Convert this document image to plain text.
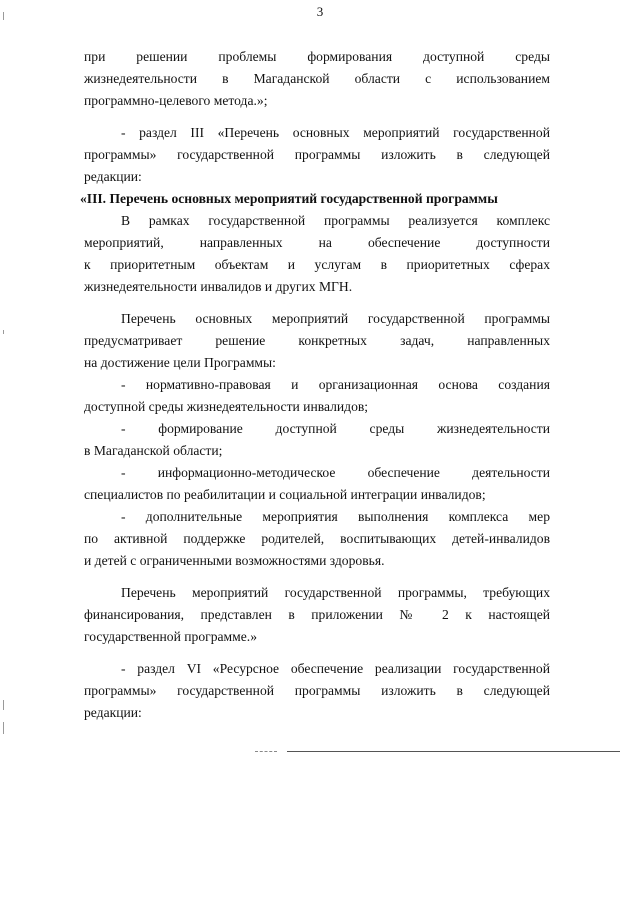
3
при решении проблемы формирования доступной среды
жизнедеятельности в Магаданской области с использованием
программно-целевого метода.»;
- раздел III «Перечень основных мероприятий государственной
программы» государственной программы изложить в следующей
редакции:
«III. Перечень основных мероприятий государственной программы
В рамках государственной программы реализуется комплекс
мероприятий, направленных на обеспечение доступности
к приоритетным объектам и услугам в приоритетных сферах
жизнедеятельности инвалидов и других МГН.
Перечень основных мероприятий государственной программы
предусматривает решение конкретных задач, направленных
на достижение цели Программы:
- нормативно-правовая и организационная основа создания
доступной среды жизнедеятельности инвалидов;
- формирование доступной среды жизнедеятельности
в Магаданской области;
- информационно-методическое обеспечение деятельности
специалистов по реабилитации и социальной интеграции инвалидов;
- дополнительные мероприятия выполнения комплекса мер
по активной поддержке родителей, воспитывающих детей-инвалидов
и детей с ограниченными возможностями здоровья.
Перечень мероприятий государственной программы, требующих
финансирования, представлен в приложении № 2 к настоящей
государственной программе.»
- раздел VI «Ресурсное обеспечение реализации государственной
программы» государственной программы изложить в следующей
редакции:
